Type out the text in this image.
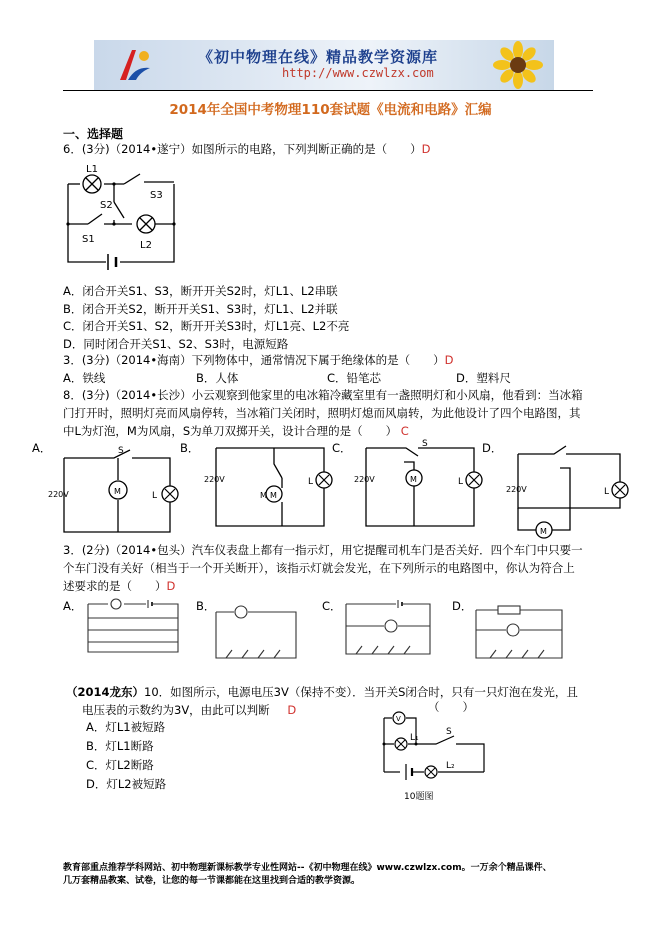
《初中物理在线》精品教学资源库
http://www.czwlzx.com
2014年全国中考物理110套试题《电流和电路》汇编
一、选择题
6．(3分)（2014•遂宁）如图所示的电路，下列判断正确的是（　　）D
L1
S3
S2
S1
L2
A．闭合开关S1、S3，断开开关S2时，灯L1、L2串联
B．闭合开关S2，断开开关S1、S3时，灯L1、L2并联
C．闭合开关S1、S2，断开开关S3时，灯L1亮、L2不亮
D．同时闭合开关S1、S2、S3时，电源短路
3．(3分)（2014•海南）下列物体中，通常情况下属于绝缘体的是（　　）D
A．铁线	B．人体	C．铅笔芯	D．塑料尺
8．(3分)（2014•长沙）小云观察到他家里的电冰箱冷藏室里有一盏照明灯和小风扇，他看到：当冰箱
门打开时，照明灯亮而风扇停转，当冰箱门关闭时，照明灯熄而风扇转，为此他设计了四个电路图，其
中L为灯泡，M为风扇，S为单刀双掷开关，设计合理的是（　　） C
A．	B．	C．	D．
M	L
S
220V	M
L
M
220V	M	L
S
220V
M
L
220V
3．(2分)（2014•包头）汽车仪表盘上都有一指示灯，用它提醒司机车门是否关好．四个车门中只要一
个车门没有关好（相当于一个开关断开），该指示灯就会发光，在下列所示的电路图中，你认为符合上
述要求的是（　　）D
A．	B．	C．	D．
（2014龙东）10．如图所示，电源电压3V（保持不变）．当开关S闭合时，只有一只灯泡在发光，且
电压表的示数约为3V，由此可以判断 D	（　　）
A．灯L1被短路
B．灯L1断路
C．灯L2断路
D．灯L2被短路
V
L₁
S
L₂
10题图
教育部重点推荐学科网站、初中物理新课标教学专业性网站--《初中物理在线》www.czwlzx.com。一万余个精品课件、
几万套精品教案、试卷，让您的每一节课都能在这里找到合适的教学资源。
